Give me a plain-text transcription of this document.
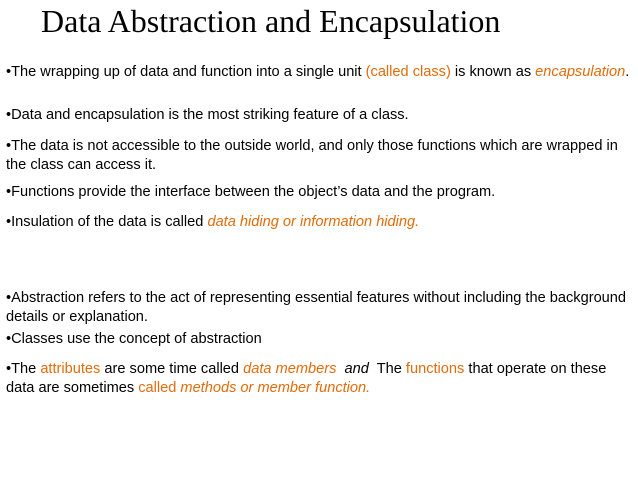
Data Abstraction and Encapsulation

•The wrapping up of data and function into a single unit (called class) is known as encapsulation.

•Data and encapsulation is the most striking feature of a class.

•The data is not accessible to the outside world, and only those functions which are wrapped in the class can access it.

•Functions provide the interface between the object’s data and the program.

•Insulation of the data is called data hiding or information hiding.

•Abstraction refers to the act of representing essential features without including the background details or explanation.

•Classes use the concept of abstraction

•The attributes are some time called data members and  The functions that operate on these data are sometimes called methods or member function.
